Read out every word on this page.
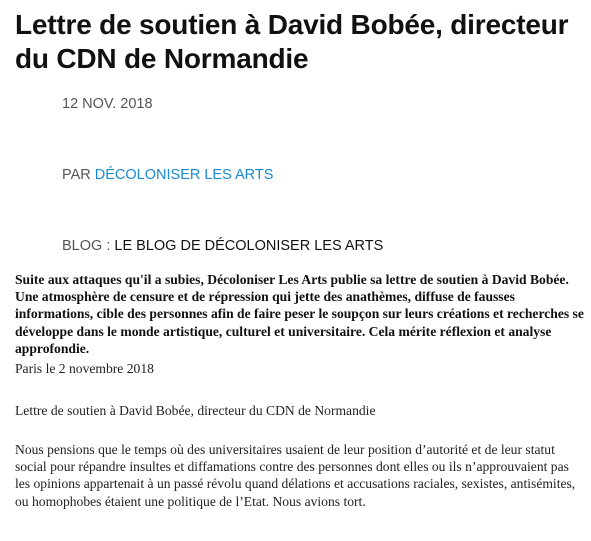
Lettre de soutien à David Bobée, directeur du CDN de Normandie
12 NOV. 2018
PAR DÉCOLONISER LES ARTS
BLOG : LE BLOG DE DÉCOLONISER LES ARTS

Suite aux attaques qu'il a subies, Décoloniser Les Arts publie sa lettre de soutien à David Bobée. Une atmosphère de censure et de répression qui jette des anathèmes, diffuse de fausses informations, cible des personnes afin de faire peser le soupçon sur leurs créations et recherches se développe dans le monde artistique, culturel et universitaire. Cela mérite réflexion et analyse approfondie.

Paris le 2 novembre 2018

Lettre de soutien à David Bobée, directeur du CDN de Normandie

Nous pensions que le temps où des universitaires usaient de leur position d’autorité et de leur statut social pour répandre insultes et diffamations contre des personnes dont elles ou ils n’approuvaient pas les opinions appartenait à un passé révolu quand délations et accusations raciales, sexistes, antisémites, ou homophobes étaient une politique de l’Etat. Nous avions tort.
